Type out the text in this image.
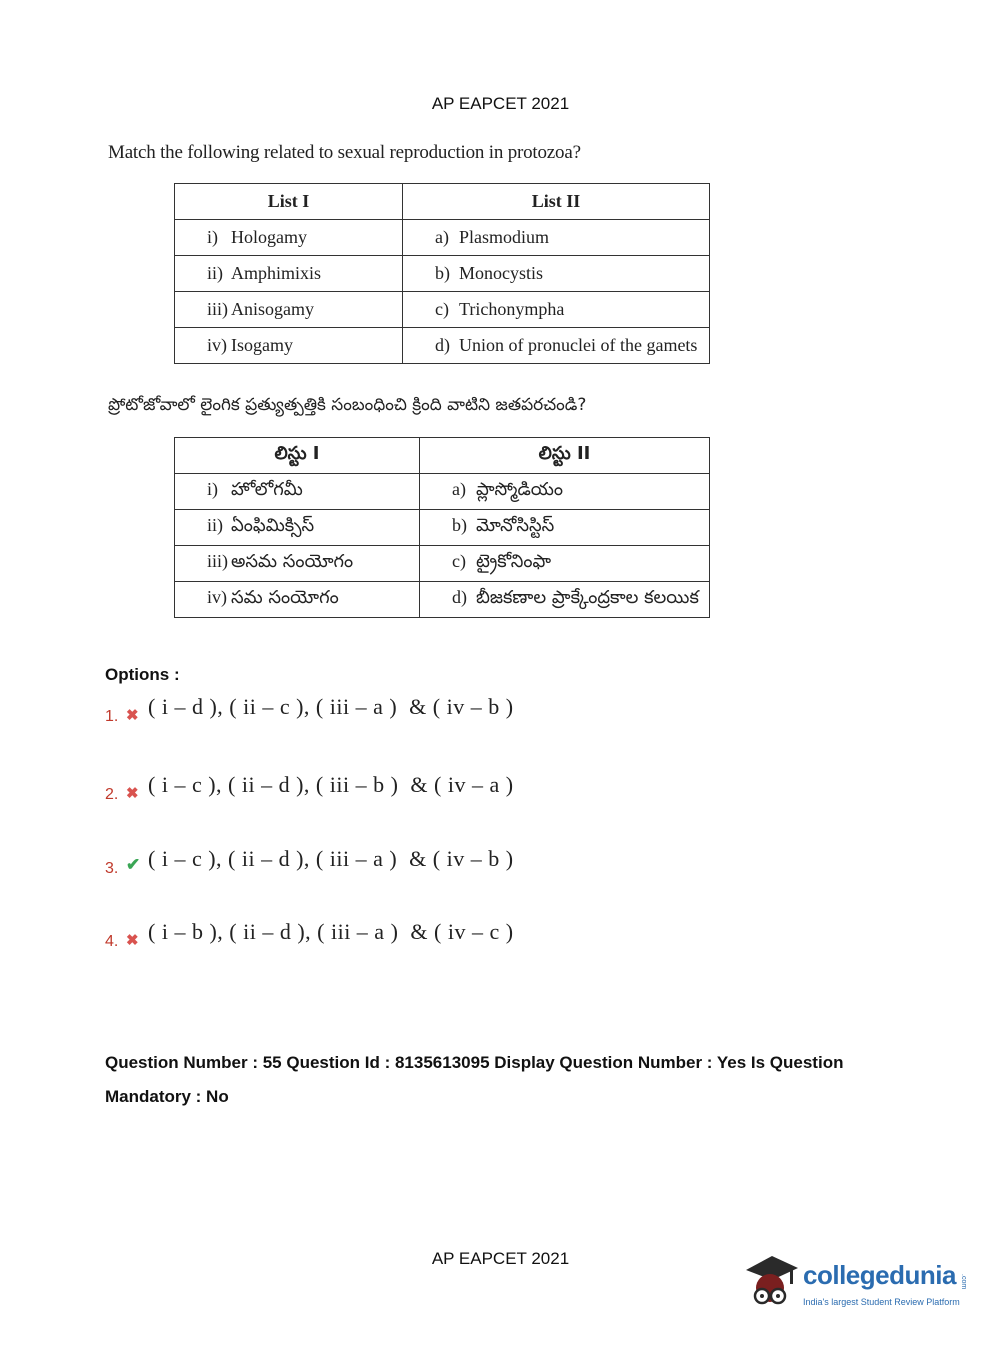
AP EAPCET 2021
Match the following related to sexual reproduction in protozoa?
List I	List II
i) Hologamy	a) Plasmodium
ii) Amphimixis	b) Monocystis
iii) Anisogamy	c) Trichonympha
iv) Isogamy	d) Union of pronuclei of the gamets
ప్రోటోజోవాలో లైంగిక ప్రత్యుత్పత్తికి సంబంధించి క్రింది వాటిని జతపరచండి?
లిస్టు I	లిస్టు II
i) హోలోగమీ	a) ప్లాస్మోడియం
ii) ఏంఫిమిక్సిస్	b) మోనోసిస్టిస్
iii) అసమ సంయోగం	c) ట్రైకోనింఫా
iv) సమ సంయోగం	d) బీజకణాల ప్రాక్కేంద్రకాల కలయిక
Options :
1. ✖ ( i – d ), ( ii – c ), ( iii – a )  & ( iv – b )
2. ✖ ( i – c ), ( ii – d ), ( iii – b )  & ( iv – a )
3. ✔ ( i – c ), ( ii – d ), ( iii – a )  & ( iv – b )
4. ✖ ( i – b ), ( ii – d ), ( iii – a )  & ( iv – c )
Question Number : 55 Question Id : 8135613095 Display Question Number : Yes Is Question Mandatory : No
AP EAPCET 2021
collegedunia .com
India's largest Student Review Platform
